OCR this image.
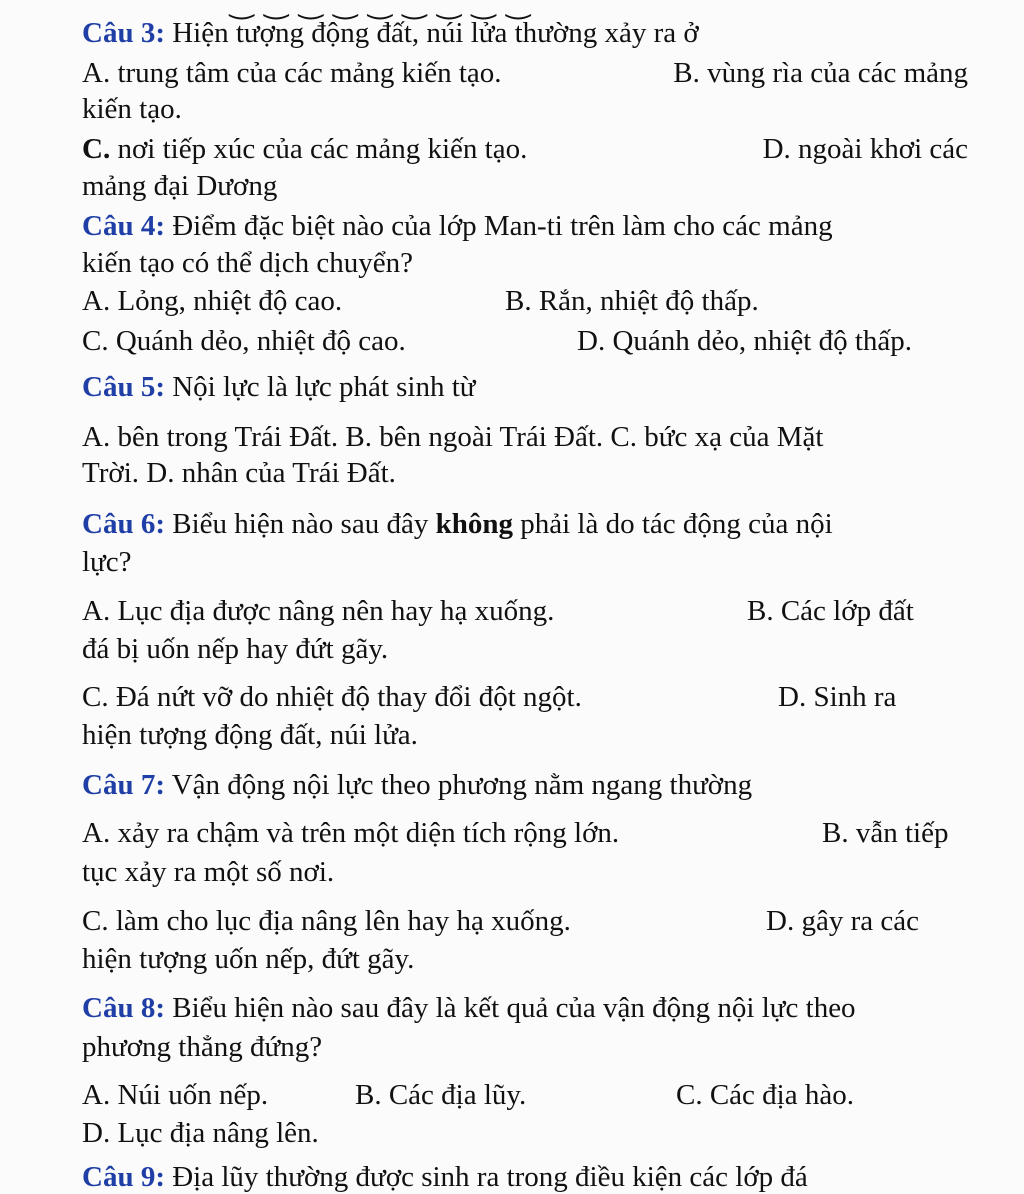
‿ ‿ ‿ ‿ ‿ ‿ ‿ ‿ ‿
Câu 3: Hiện tượng động đất, núi lửa thường xảy ra ở
A. trung tâm của các mảng kiến tạo.	B. vùng rìa của các mảng
kiến tạo.
C. nơi tiếp xúc của các mảng kiến tạo.	D. ngoài khơi các
mảng đại Dương
Câu 4: Điểm đặc biệt nào của lớp Man-ti trên làm cho các mảng
kiến tạo có thể dịch chuyển?
A. Lỏng, nhiệt độ cao.	B. Rắn, nhiệt độ thấp.
C. Quánh dẻo, nhiệt độ cao.	D. Quánh dẻo, nhiệt độ thấp.
Câu 5: Nội lực là lực phát sinh từ
A. bên trong Trái Đất. B. bên ngoài Trái Đất. C. bức xạ của Mặt
Trời. D. nhân của Trái Đất.
Câu 6: Biểu hiện nào sau đây không phải là do tác động của nội
lực?
A. Lục địa được nâng nên hay hạ xuống.	B. Các lớp đất
đá bị uốn nếp hay đứt gãy.
C. Đá nứt vỡ do nhiệt độ thay đổi đột ngột.	D. Sinh ra
hiện tượng động đất, núi lửa.
Câu 7: Vận động nội lực theo phương nằm ngang thường
A. xảy ra chậm và trên một diện tích rộng lớn.	B. vẫn tiếp
tục xảy ra một số nơi.
C. làm cho lục địa nâng lên hay hạ xuống.	D. gây ra các
hiện tượng uốn nếp, đứt gãy.
Câu 8: Biểu hiện nào sau đây là kết quả của vận động nội lực theo
phương thẳng đứng?
A. Núi uốn nếp.	B. Các địa lũy.	C. Các địa hào.
D. Lục địa nâng lên.
Câu 9: Địa lũy thường được sinh ra trong điều kiện các lớp đá
